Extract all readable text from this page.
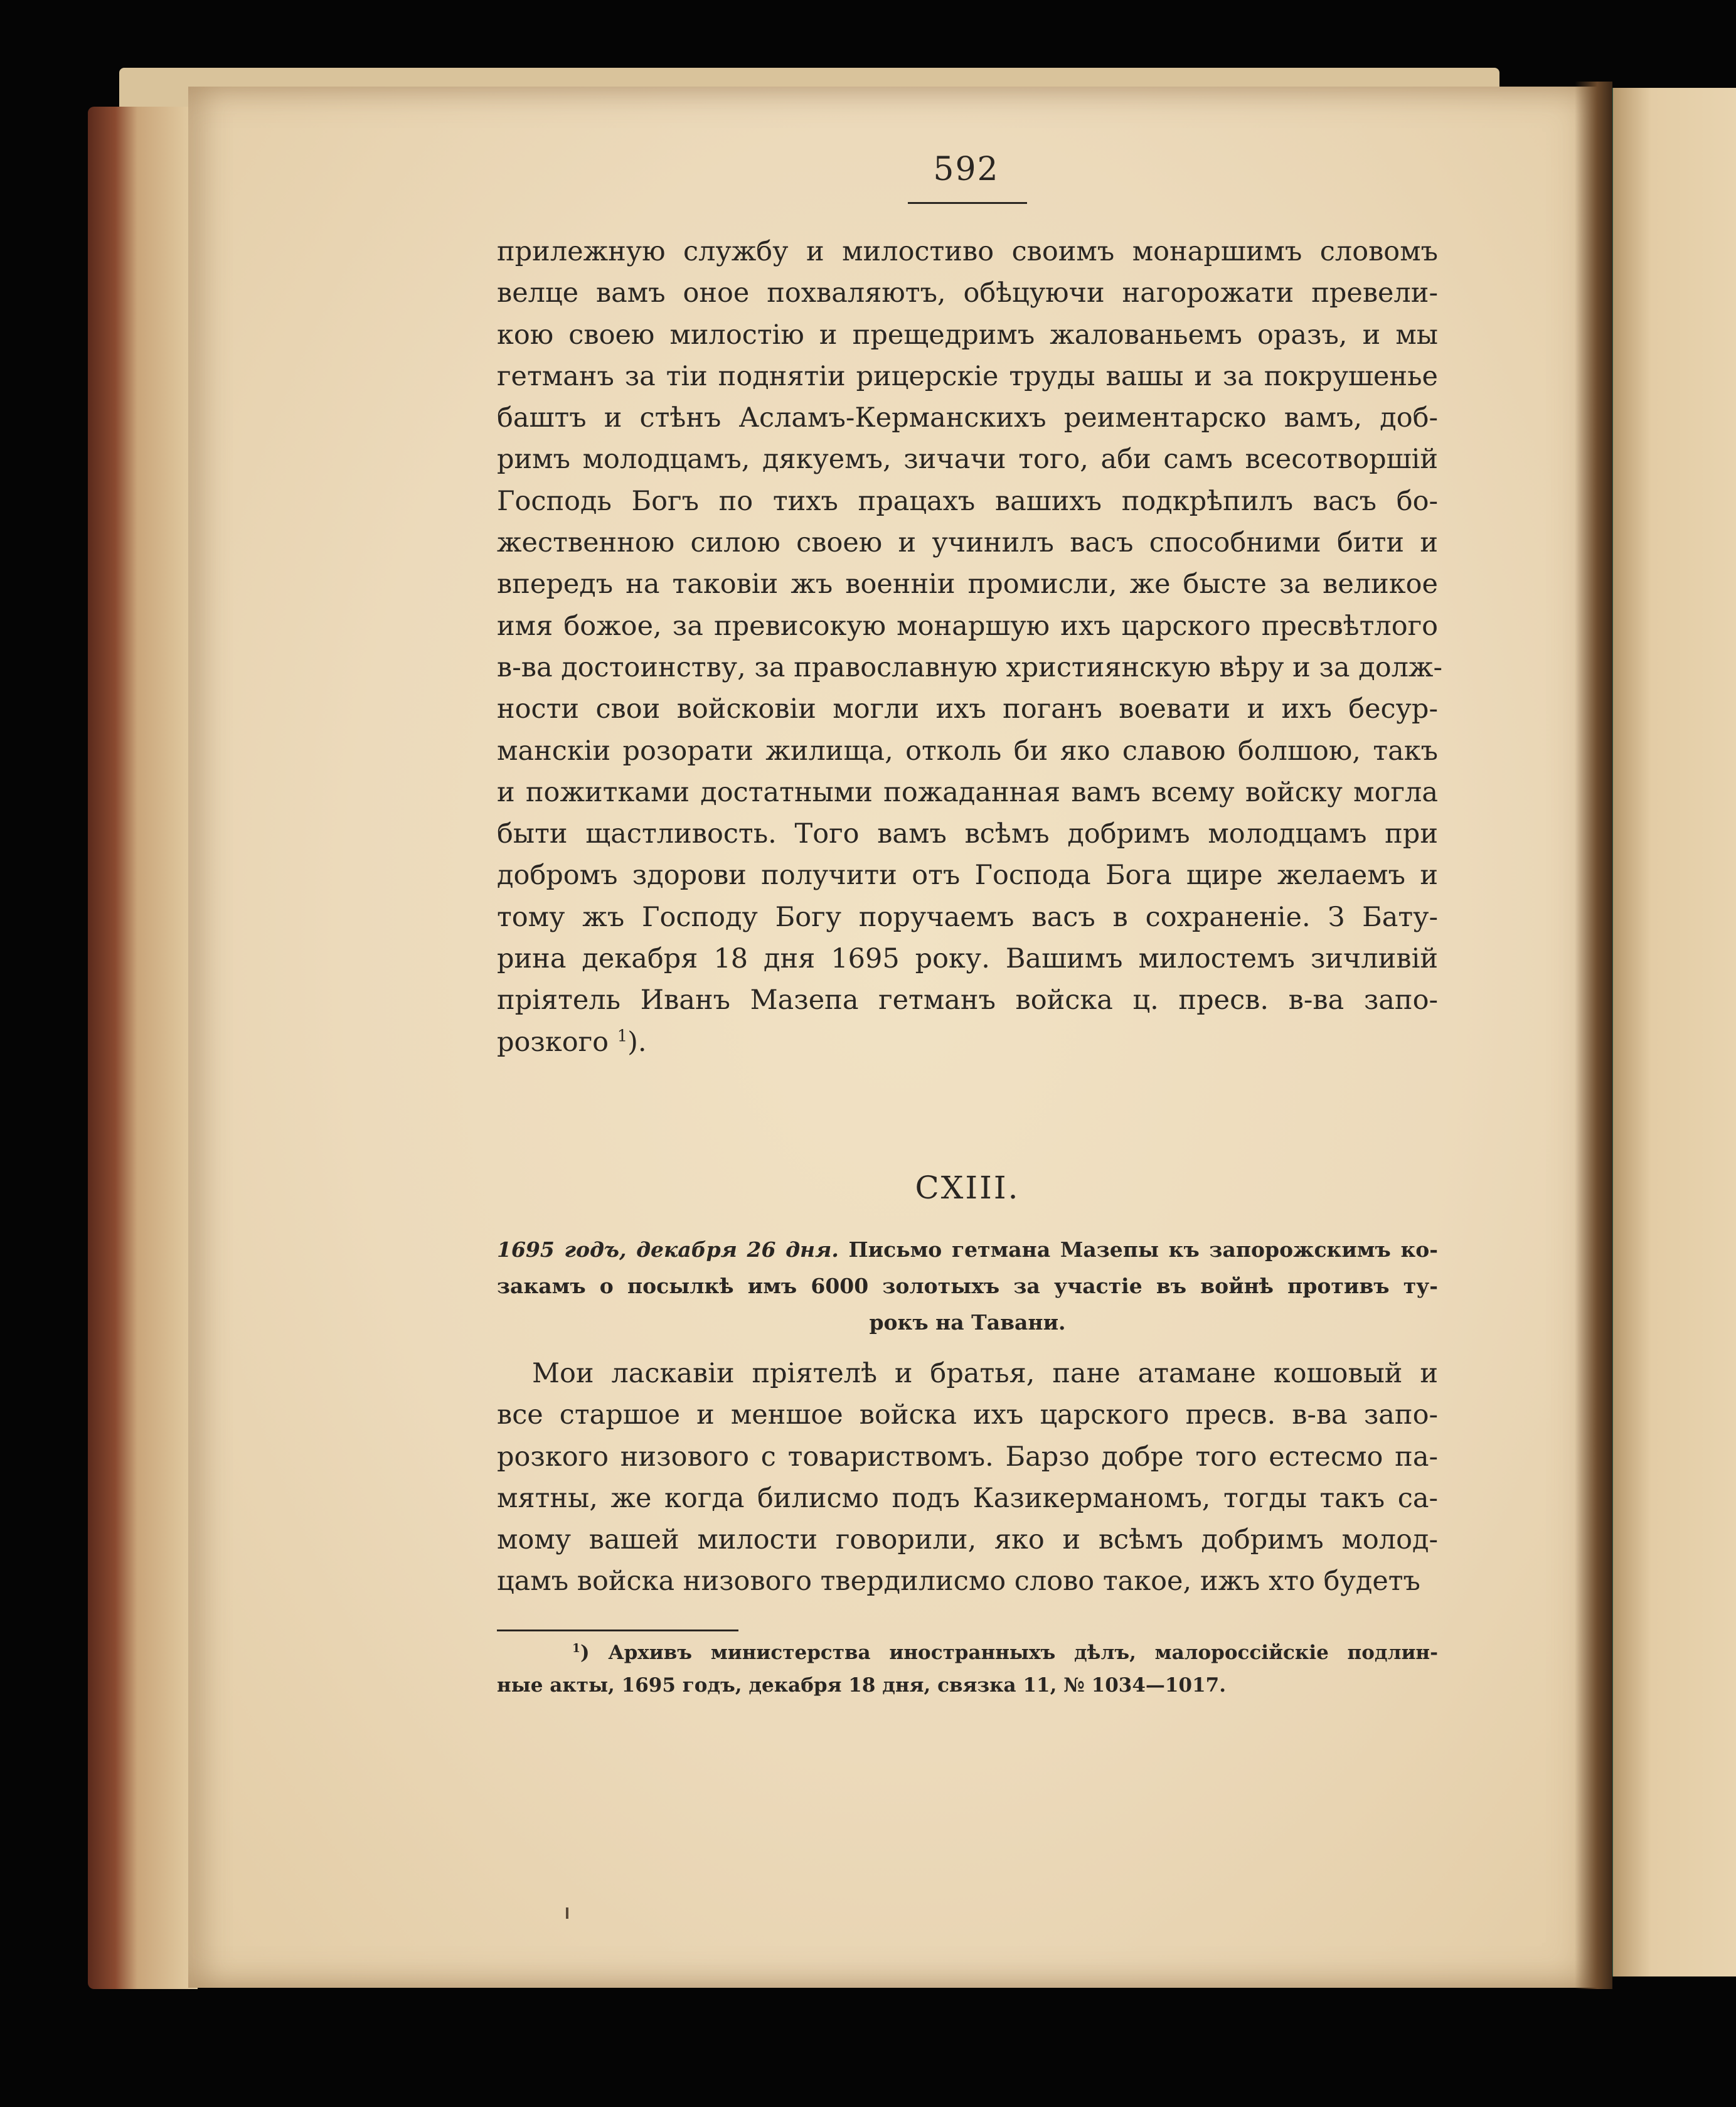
592
прилежную службу и милостиво своимъ монаршимъ словомъ
велце вамъ оное похваляютъ, обѣцуючи нагорожати превели-
кою своею милостію и прещедримъ жалованьемъ оразъ, и мы
гетманъ за тіи поднятіи рицерскіе труды вашы и за покрушенье
баштъ и стѣнъ Асламъ-Керманскихъ реиментарско вамъ, доб-
римъ молодцамъ, дякуемъ, зичачи того, аби самъ всесотворшій
Господь Богъ по тихъ працахъ вашихъ подкрѣпилъ васъ бо-
жественною силою своею и учинилъ васъ способними бити и
впередъ на таковіи жъ военніи промисли, же бысте за великое
имя божое, за превисокую монаршую ихъ царского пресвѣтлого
в-ва достоинству, за православную християнскую вѣру и за долж-
ности свои войсковіи могли ихъ поганъ воевати и ихъ бесур-
манскіи розорати жилища, отколь би яко славою болшою, такъ
и пожитками достатными пожаданная вамъ всему войску могла
быти щастливость. Того вамъ всѣмъ добримъ молодцамъ при
добромъ здорови получити отъ Господа Бога щире желаемъ и
тому жъ Господу Богу поручаемъ васъ в сохраненіе. З Бату-
рина декабря 18 дня 1695 року. Вашимъ милостемъ зичливій
пріятель Иванъ Мазепа гетманъ войска ц. пресв. в-ва запо-
розкого $^1$).
CXIII.
1695 годъ, декабря 26 дня. Письмо гетмана Мазепы къ запорожскимъ ко-
закамъ о посылкѣ имъ 6000 золотыхъ за участіе въ войнѣ противъ ту-
рокъ на Тавани.
Мои ласкавіи пріятелѣ и братья, пане атамане кошовый и
все старшое и меншое войска ихъ царского пресв. в-ва запо-
розкого низового с товариствомъ. Барзо добре того естесмо па-
мятны, же когда билисмо подъ Казикерманомъ, тогды такъ са-
мому вашей милости говорили, яко и всѣмъ добримъ молод-
цамъ войска низового твердилисмо слово такое, ижъ хто будетъ
$^1$) Архивъ министерства иностранныхъ дѣлъ, малороссійскіе подлин-
ные акты, 1695 годъ, декабря 18 дня, связка 11, № 1034—1017.
